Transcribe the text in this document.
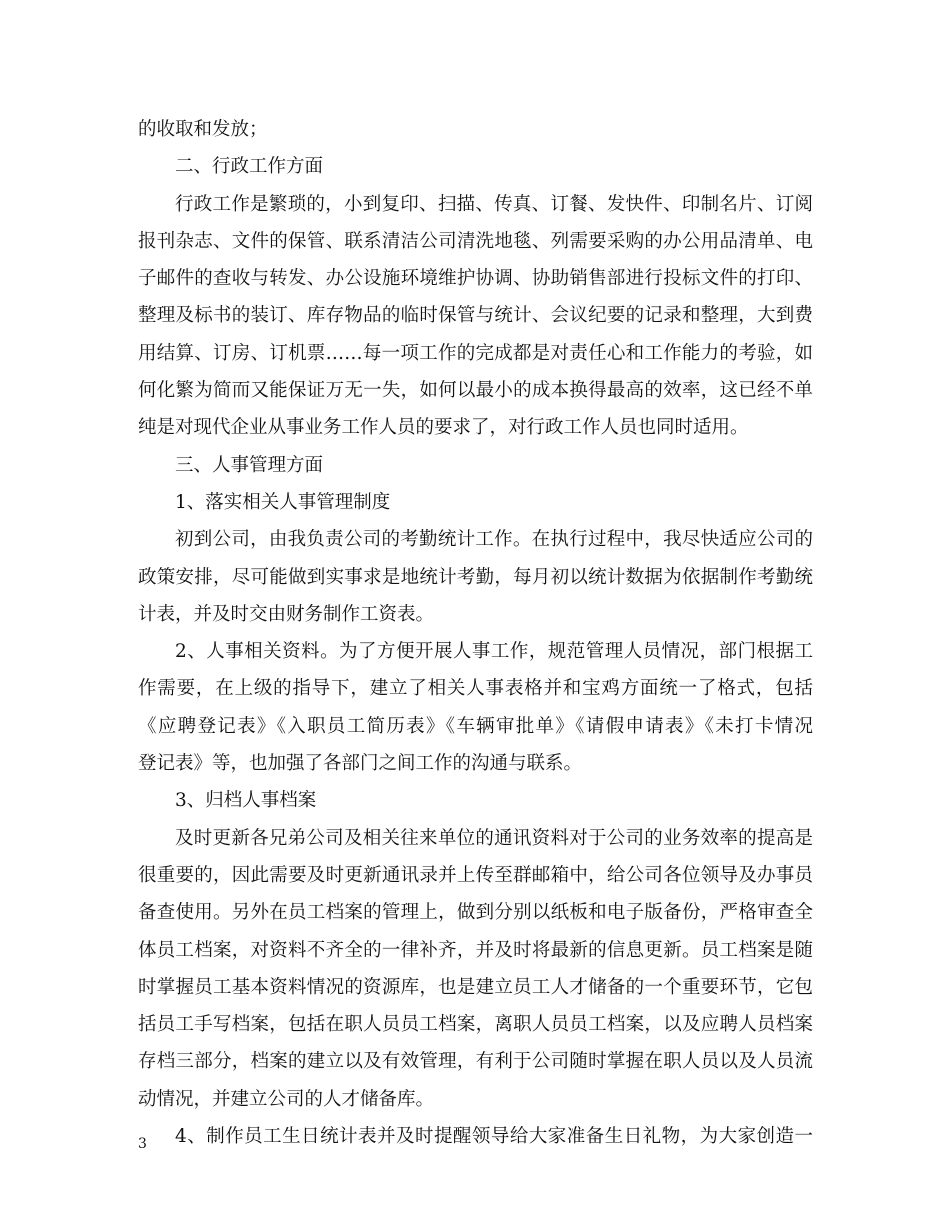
的收取和发放；
二、行政工作方面
行政工作是繁琐的，小到复印、扫描、传真、订餐、发快件、印制名片、订阅
报刊杂志、文件的保管、联系清洁公司清洗地毯、列需要采购的办公用品清单、电
子邮件的查收与转发、办公设施环境维护协调、协助销售部进行投标文件的打印、
整理及标书的装订、库存物品的临时保管与统计、会议纪要的记录和整理，大到费
用结算、订房、订机票……每一项工作的完成都是对责任心和工作能力的考验，如
何化繁为简而又能保证万无一失，如何以最小的成本换得最高的效率，这已经不单
纯是对现代企业从事业务工作人员的要求了，对行政工作人员也同时适用。
三、人事管理方面
1、落实相关人事管理制度
初到公司，由我负责公司的考勤统计工作。在执行过程中，我尽快适应公司的
政策安排，尽可能做到实事求是地统计考勤，每月初以统计数据为依据制作考勤统
计表，并及时交由财务制作工资表。
2、人事相关资料。为了方便开展人事工作，规范管理人员情况，部门根据工
作需要，在上级的指导下，建立了相关人事表格并和宝鸡方面统一了格式，包括
《应聘登记表》《入职员工简历表》《车辆审批单》《请假申请表》《未打卡情况
登记表》等，也加强了各部门之间工作的沟通与联系。
3、归档人事档案
及时更新各兄弟公司及相关往来单位的通讯资料对于公司的业务效率的提高是
很重要的，因此需要及时更新通讯录并上传至群邮箱中，给公司各位领导及办事员
备查使用。另外在员工档案的管理上，做到分别以纸板和电子版备份，严格审查全
体员工档案，对资料不齐全的一律补齐，并及时将最新的信息更新。员工档案是随
时掌握员工基本资料情况的资源库，也是建立员工人才储备的一个重要环节，它包
括员工手写档案，包括在职人员员工档案，离职人员员工档案，以及应聘人员档案
存档三部分，档案的建立以及有效管理，有利于公司随时掌握在职人员以及人员流
动情况，并建立公司的人才储备库。
4、制作员工生日统计表并及时提醒领导给大家准备生日礼物，为大家创造一
3
